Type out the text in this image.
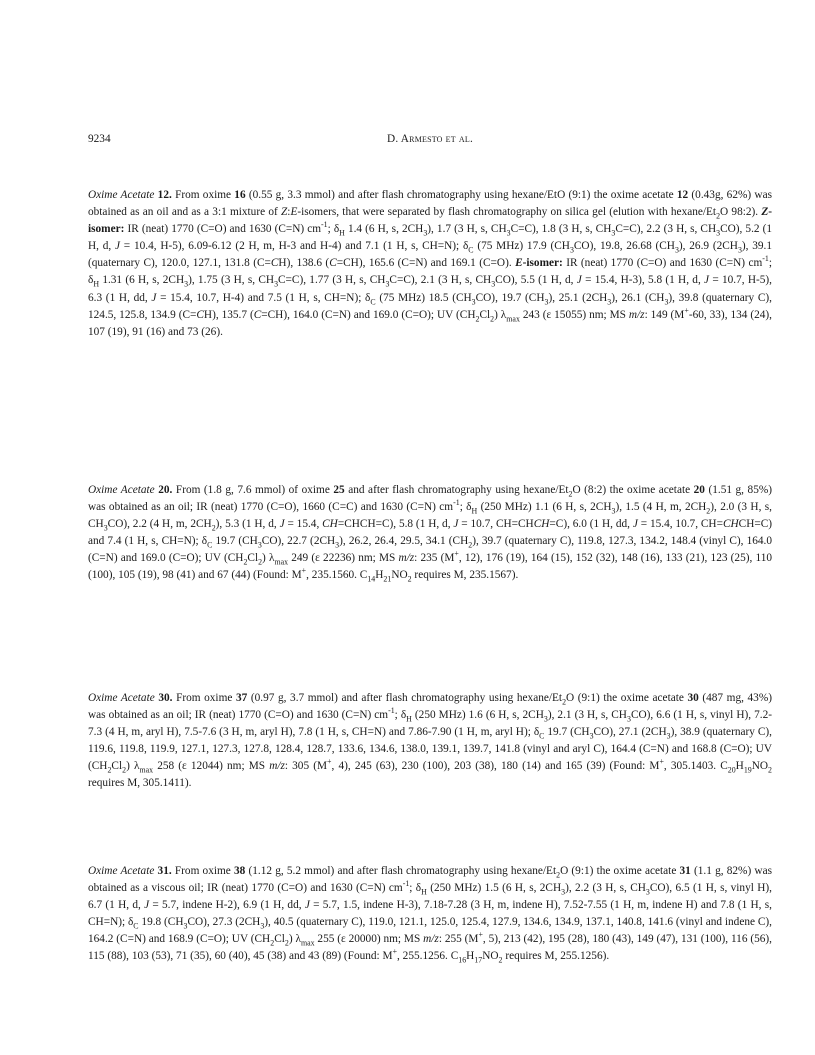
9234	D. Armesto et al.

Oxime Acetate 12. From oxime 16 (0.55 g, 3.3 mmol) and after flash chromatography using hexane/EtO (9:1) the oxime acetate 12 (0.43g, 62%) was obtained as an oil and as a 3:1 mixture of Z:E-isomers, that were separated by flash chromatography on silica gel (elution with hexane/$Et_2O$ 98:2). Z-isomer: IR (neat) 1770 (C=O) and 1630 (C=N) $cm^{-1}$; $\delta_H$ 1.4 (6 H, s, $2CH_3$), 1.7 (3 H, s, $CH_3C=C$), 1.8 (3 H, s, $CH_3C=C$), 2.2 (3 H, s, $CH_3CO$), 5.2 (1 H, d, J = 10.4, H-5), 6.09-6.12 (2 H, m, H-3 and H-4) and 7.1 (1 H, s, CH=N); $\delta_C$ (75 MHz) 17.9 $(CH_3CO)$, 19.8, 26.68 $(CH_3)$, 26.9 $(2CH_3)$, 39.1 (quaternary C), 120.0, 127.1, 131.8 (C=CH), 138.6 (C=CH), 165.6 (C=N) and 169.1 (C=O). E-isomer: IR (neat) 1770 (C=O) and 1630 (C=N) $cm^{-1}$; $\delta_H$ 1.31 (6 H, s, $2CH_3$), 1.75 (3 H, s, $CH_3C=C$), 1.77 (3 H, s, $CH_3C=C$), 2.1 (3 H, s, $CH_3CO$), 5.5 (1 H, d, J = 15.4, H-3), 5.8 (1 H, d, J = 10.7, H-5), 6.3 (1 H, dd, J = 15.4, 10.7, H-4) and 7.5 (1 H, s, CH=N); $\delta_C$ (75 MHz) 18.5 $(CH_3CO)$, 19.7 $(CH_3)$, 25.1 $(2CH_3)$, 26.1 $(CH_3)$, 39.8 (quaternary C), 124.5, 125.8, 134.9 (C=CH), 135.7 (C=CH), 164.0 (C=N) and 169.0 (C=O); UV $(CH_2Cl_2)$ $\lambda_{max}$ 243 (ε 15055) nm; MS m/z: 149 (M+-60, 33), 134 (24), 107 (19), 91 (16) and 73 (26).

Oxime Acetate 20. From (1.8 g, 7.6 mmol) of oxime 25 and after flash chromatography using hexane/$Et_2O$ (8:2) the oxime acetate 20 (1.51 g, 85%) was obtained as an oil; IR (neat) 1770 (C=O), 1660 (C=C) and 1630 (C=N) $cm^{-1}$; $\delta_H$ (250 MHz) 1.1 (6 H, s, $2CH_3$), 1.5 (4 H, m, $2CH_2$), 2.0 (3 H, s, $CH_3CO$), 2.2 (4 H, m, $2CH_2$), 5.3 (1 H, d, J = 15.4, CH=CHCH=C), 5.8 (1 H, d, J = 10.7, CH=CHCH=C), 6.0 (1 H, dd, J = 15.4, 10.7, CH=CHCH=C) and 7.4 (1 H, s, CH=N); $\delta_C$ 19.7 $(CH_3CO)$, 22.7 $(2CH_3)$, 26.2, 26.4, 29.5, 34.1 $(CH_2)$, 39.7 (quaternary C), 119.8, 127.3, 134.2, 148.4 (vinyl C), 164.0 (C=N) and 169.0 (C=O); UV $(CH_2Cl_2)$ $\lambda_{max}$ 249 (ε 22236) nm; MS m/z: 235 (M+, 12), 176 (19), 164 (15), 152 (32), 148 (16), 133 (21), 123 (25), 110 (100), 105 (19), 98 (41) and 67 (44) (Found: M+, 235.1560. $C_{14}H_{21}NO_2$ requires M, 235.1567).

Oxime Acetate 30. From oxime 37 (0.97 g, 3.7 mmol) and after flash chromatography using hexane/$Et_2O$ (9:1) the oxime acetate 30 (487 mg, 43%) was obtained as an oil; IR (neat) 1770 (C=O) and 1630 (C=N) $cm^{-1}$; $\delta_H$ (250 MHz) 1.6 (6 H, s, $2CH_3$), 2.1 (3 H, s, $CH_3CO$), 6.6 (1 H, s, vinyl H), 7.2-7.3 (4 H, m, aryl H), 7.5-7.6 (3 H, m, aryl H), 7.8 (1 H, s, CH=N) and 7.86-7.90 (1 H, m, aryl H); $\delta_C$ 19.7 $(CH_3CO)$, 27.1 $(2CH_3)$, 38.9 (quaternary C), 119.6, 119.8, 119.9, 127.1, 127.3, 127.8, 128.4, 128.7, 133.6, 134.6, 138.0, 139.1, 139.7, 141.8 (vinyl and aryl C), 164.4 (C=N) and 168.8 (C=O); UV $(CH_2Cl_2)$ $\lambda_{max}$ 258 (ε 12044) nm; MS m/z: 305 (M+, 4), 245 (63), 230 (100), 203 (38), 180 (14) and 165 (39) (Found: M+, 305.1403. $C_{20}H_{19}NO_2$ requires M, 305.1411).

Oxime Acetate 31. From oxime 38 (1.12 g, 5.2 mmol) and after flash chromatography using hexane/$Et_2O$ (9:1) the oxime acetate 31 (1.1 g, 82%) was obtained as a viscous oil; IR (neat) 1770 (C=O) and 1630 (C=N) $cm^{-1}$; $\delta_H$ (250 MHz) 1.5 (6 H, s, $2CH_3$), 2.2 (3 H, s, $CH_3CO$), 6.5 (1 H, s, vinyl H), 6.7 (1 H, d, J = 5.7, indene H-2), 6.9 (1 H, dd, J = 5.7, 1.5, indene H-3), 7.18-7.28 (3 H, m, indene H), 7.52-7.55 (1 H, m, indene H) and 7.8 (1 H, s, CH=N); $\delta_C$ 19.8 $(CH_3CO)$, 27.3 $(2CH_3)$, 40.5 (quaternary C), 119.0, 121.1, 125.0, 125.4, 127.9, 134.6, 134.9, 137.1, 140.8, 141.6 (vinyl and indene C), 164.2 (C=N) and 168.9 (C=O); UV $(CH_2Cl_2)$ $\lambda_{max}$ 255 (ε 20000) nm; MS m/z: 255 (M+, 5), 213 (42), 195 (28), 180 (43), 149 (47), 131 (100), 116 (56), 115 (88), 103 (53), 71 (35), 60 (40), 45 (38) and 43 (89) (Found: M+, 255.1256. $C_{16}H_{17}NO_2$ requires M, 255.1256).
